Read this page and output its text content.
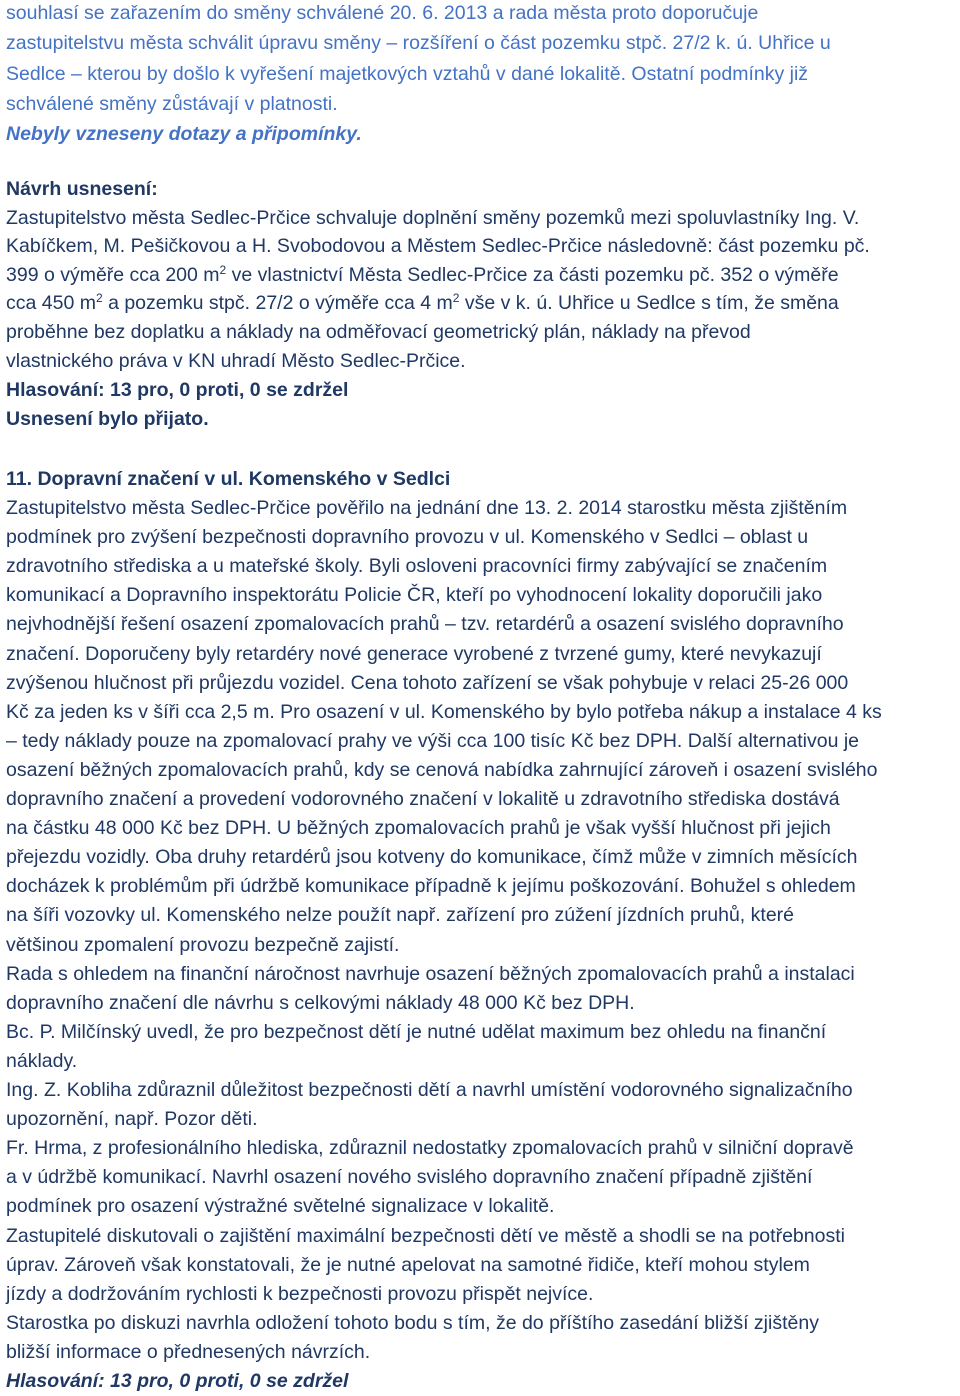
souhlasí se zařazením do směny schválené 20. 6. 2013 a rada města proto doporučuje
zastupitelstvu města schválit úpravu směny – rozšíření o část pozemku stpč. 27/2 k. ú. Uhřice u
Sedlce – kterou by došlo k vyřešení majetkových vztahů v dané lokalitě. Ostatní podmínky již
schválené směny zůstávají v platnosti.
Nebyly vzneseny dotazy a připomínky.
Návrh usnesení:
Zastupitelstvo města Sedlec-Prčice schvaluje doplnění směny pozemků mezi spoluvlastníky Ing. V.
Kabíčkem, M. Pešičkovou a H. Svobodovou a Městem Sedlec-Prčice následovně: část pozemku pč.
399 o výměře cca 200 $m^2$ ve vlastnictví Města Sedlec-Prčice za části pozemku pč. 352 o výměře
cca 450 $m^2$ a pozemku stpč. 27/2 o výměře cca 4 $m^2$ vše v k. ú. Uhřice u Sedlce s tím, že směna
proběhne bez doplatku a náklady na odměřovací geometrický plán, náklady na převod
vlastnického práva v KN uhradí Město Sedlec-Prčice.
Hlasování: 13 pro, 0 proti, 0 se zdržel
Usnesení bylo přijato.
11. Dopravní značení v ul. Komenského v Sedlci
Zastupitelstvo města Sedlec-Prčice pověřilo na jednání dne 13. 2. 2014 starostku města zjištěním
podmínek pro zvýšení bezpečnosti dopravního provozu v ul. Komenského v Sedlci – oblast u
zdravotního střediska a u mateřské školy. Byli osloveni pracovníci firmy zabývající se značením
komunikací a Dopravního inspektorátu Policie ČR, kteří po vyhodnocení lokality doporučili jako
nejvhodnější řešení osazení zpomalovacích prahů – tzv. retardérů a osazení svislého dopravního
značení. Doporučeny byly retardéry nové generace vyrobené z tvrzené gumy, které nevykazují
zvýšenou hlučnost při průjezdu vozidel. Cena tohoto zařízení se však pohybuje v relaci 25-26 000
Kč za jeden ks v šíři cca 2,5 m. Pro osazení v ul. Komenského by bylo potřeba nákup a instalace 4 ks
– tedy náklady pouze na zpomalovací prahy ve výši cca 100 tisíc Kč bez DPH. Další alternativou je
osazení běžných zpomalovacích prahů, kdy se cenová nabídka zahrnující zároveň i osazení svislého
dopravního značení a provedení vodorovného značení v lokalitě u zdravotního střediska dostává
na částku 48 000 Kč bez DPH. U běžných zpomalovacích prahů je však vyšší hlučnost při jejich
přejezdu vozidly. Oba druhy retardérů jsou kotveny do komunikace, čímž může v zimních měsících
docházek k problémům při údržbě komunikace případně k jejímu poškozování. Bohužel s ohledem
na šíři vozovky ul. Komenského nelze použít např. zařízení pro zúžení jízdních pruhů, které
většinou zpomalení provozu bezpečně zajistí.
Rada s ohledem na finanční náročnost navrhuje osazení běžných zpomalovacích prahů a instalaci
dopravního značení dle návrhu s celkovými náklady 48 000 Kč bez DPH.
Bc. P. Milčínský uvedl, že pro bezpečnost dětí je nutné udělat maximum bez ohledu na finanční
náklady.
Ing. Z. Kobliha zdůraznil důležitost bezpečnosti dětí a navrhl umístění vodorovného signalizačního
upozornění, např. Pozor děti.
Fr. Hrma, z profesionálního hlediska, zdůraznil nedostatky zpomalovacích prahů v silniční dopravě
a v údržbě komunikací. Navrhl osazení nového svislého dopravního značení případně zjištění
podmínek pro osazení výstražné světelné signalizace v lokalitě.
Zastupitelé diskutovali o zajištění maximální bezpečnosti dětí ve městě a shodli se na potřebnosti
úprav. Zároveň však konstatovali, že je nutné apelovat na samotné řidiče, kteří mohou stylem
jízdy a dodržováním rychlosti k bezpečnosti provozu přispět nejvíce.
Starostka po diskuzi navrhla odložení tohoto bodu s tím, že do příštího zasedání bližší zjištěny
bližší informace o přednesených návrzích.
Hlasování: 13 pro, 0 proti, 0 se zdržel
